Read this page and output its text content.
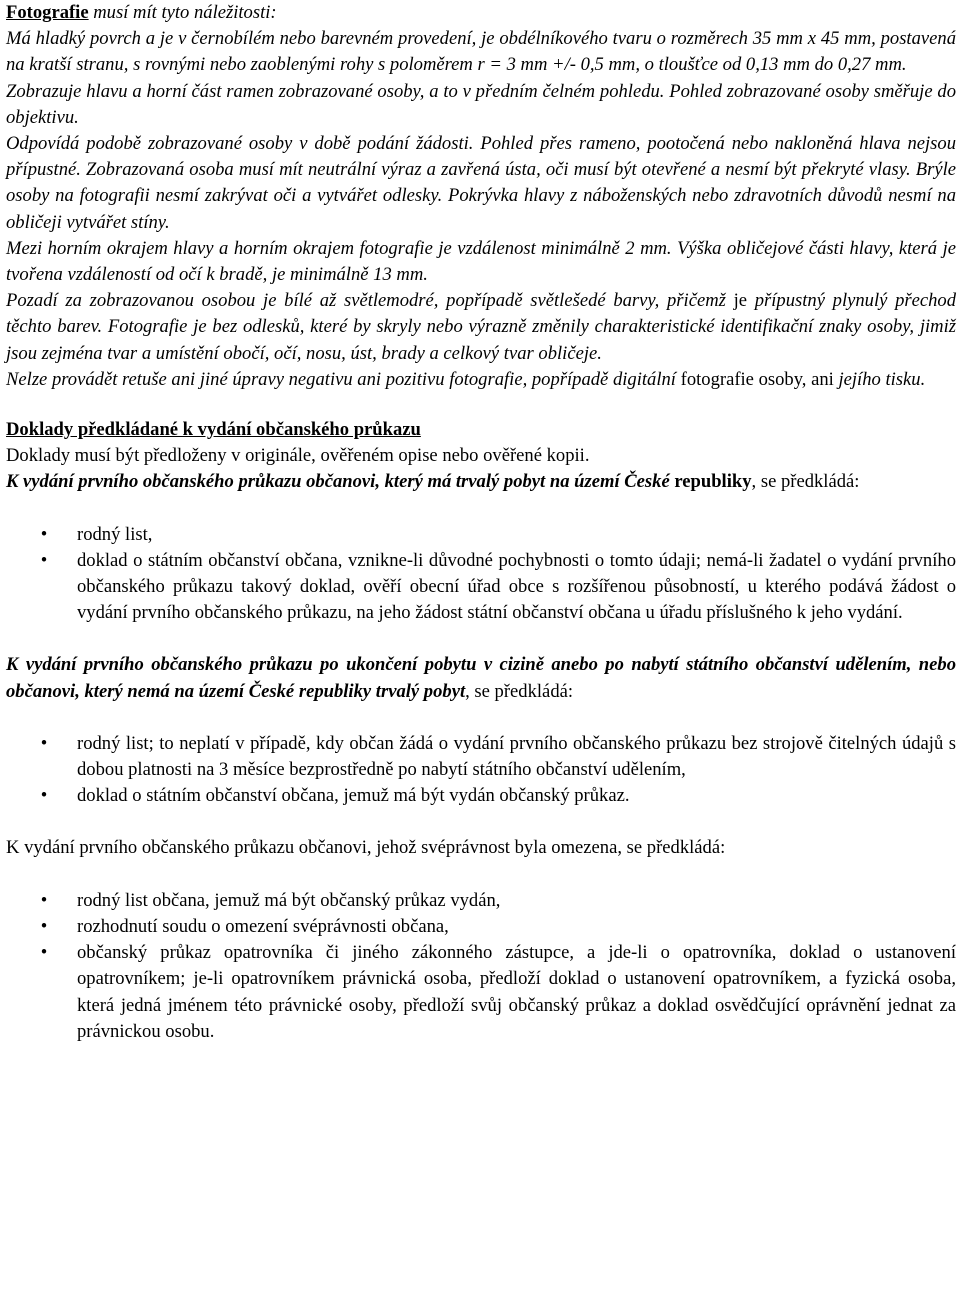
Fotografie musí mít tyto náležitosti:

Má hladký povrch a je v černobílém nebo barevném provedení, je obdélníkového tvaru o rozměrech 35 mm x 45 mm, postavená na kratší stranu, s rovnými nebo zaoblenými rohy s poloměrem r = 3 mm +/- 0,5 mm, o tloušťce od 0,13 mm do 0,27 mm.

Zobrazuje hlavu a horní část ramen zobrazované osoby, a to v předním čelném pohledu. Pohled zobrazované osoby směřuje do objektivu.

Odpovídá podobě zobrazované osoby v době podání žádosti. Pohled přes rameno, pootočená nebo nakloněná hlava nejsou přípustné. Zobrazovaná osoba musí mít neutrální výraz a zavřená ústa, oči musí být otevřené a nesmí být překryté vlasy. Brýle osoby na fotografii nesmí zakrývat oči a vytvářet odlesky. Pokrývka hlavy z náboženských nebo zdravotních důvodů nesmí na obličeji vytvářet stíny.

Mezi horním okrajem hlavy a horním okrajem fotografie je vzdálenost minimálně 2 mm. Výška obličejové části hlavy, která je tvořena vzdáleností od očí k bradě, je minimálně 13 mm.

Pozadí za zobrazovanou osobou je bílé až světlemodré, popřípadě světlešedé barvy, přičemž je přípustný plynulý přechod těchto barev. Fotografie je bez odlesků, které by skryly nebo výrazně změnily charakteristické identifikační znaky osoby, jimiž jsou zejména tvar a umístění obočí, očí, nosu, úst, brady a celkový tvar obličeje.

Nelze provádět retuše ani jiné úpravy negativu ani pozitivu fotografie, popřípadě digitální fotografie osoby, ani jejího tisku.

Doklady předkládané k vydání občanského průkazu

Doklady musí být předloženy v originále, ověřeném opise nebo ověřené kopii.

K vydání prvního občanského průkazu občanovi, který má trvalý pobyt na území České republiky, se předkládá:

• rodný list,
• doklad o státním občanství občana, vznikne-li důvodné pochybnosti o tomto údaji; nemá-li žadatel o vydání prvního občanského průkazu takový doklad, ověří obecní úřad obce s rozšířenou působností, u kterého podává žádost o vydání prvního občanského průkazu, na jeho žádost státní občanství občana u úřadu příslušného k jeho vydání.

K vydání prvního občanského průkazu po ukončení pobytu v cizině anebo po nabytí státního občanství udělením, nebo občanovi, který nemá na území České republiky trvalý pobyt, se předkládá:

• rodný list; to neplatí v případě, kdy občan žádá o vydání prvního občanského průkazu bez strojově čitelných údajů s dobou platnosti na 3 měsíce bezprostředně po nabytí státního občanství udělením,
• doklad o státním občanství občana, jemuž má být vydán občanský průkaz.

K vydání prvního občanského průkazu občanovi, jehož svéprávnost byla omezena, se předkládá:

• rodný list občana, jemuž má být občanský průkaz vydán,
• rozhodnutí soudu o omezení svéprávnosti občana,
• občanský průkaz opatrovníka či jiného zákonného zástupce, a jde-li o opatrovníka, doklad o ustanovení opatrovníkem; je-li opatrovníkem právnická osoba, předloží doklad o ustanovení opatrovníkem, a fyzická osoba, která jedná jménem této právnické osoby, předloží svůj občanský průkaz a doklad osvědčující oprávnění jednat za právnickou osobu.
